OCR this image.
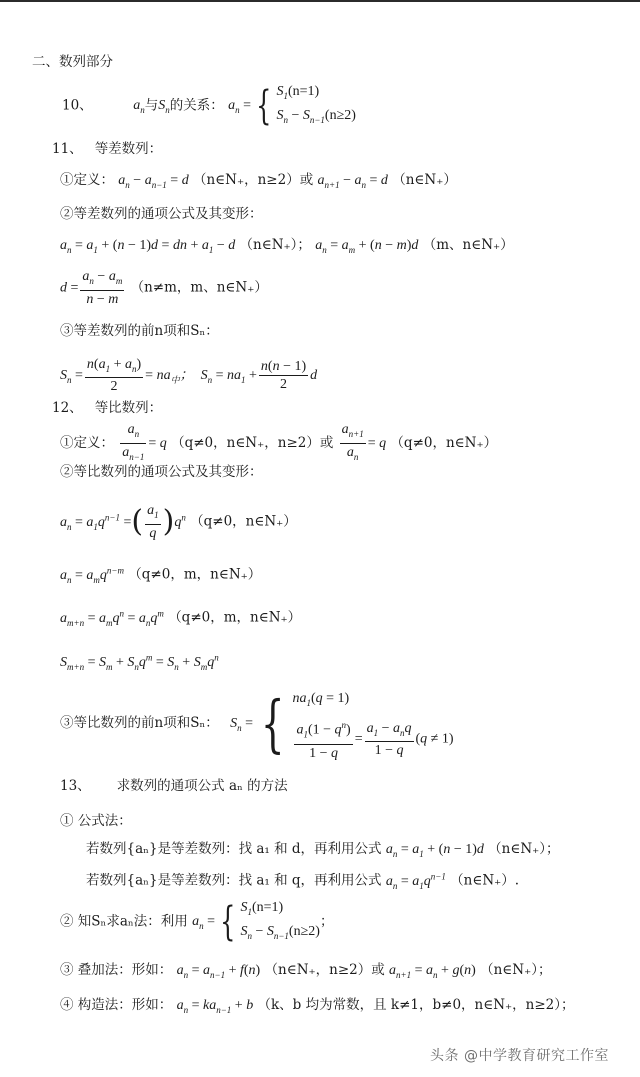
二、数列部分
10、	$a_n$与$S_n$的关系： $a_n$ = { $S_1(n=1)$
$S_n - S_{n-1}(n\ge 2)$
11、 等差数列：
①定义： $a_n - a_{n-1} = d$ （n∈N₊，n≥2）或 $a_{n+1} - a_n = d$ （n∈N₊）
②等差数列的通项公式及其变形：
$a_n = a_1 + (n - 1)d$ = dn + $a_1 - d$ （n∈N₊）； $a_n = a_m + (n - m)d$ （m、n∈N₊）
$d = \frac{a_n - a_m}{n - m} (n\ne m$，m、n∈N₊）
③等差数列的前n项和Sₙ：
$S_n = \frac{n(a_1 + a_n)}{2} = na_中$；  $S_n = na_1 + \frac{n(n - 1)}{2}$ d
12、 等比数列：
①定义： $\frac{a_n}{a_{n-1}} = q$ （q≠0，n∈N₊，n≥2）或 $\frac{a_{n+1}}{a_n} = q$ （q≠0，n∈N₊）
②等比数列的通项公式及其变形：
$a_n = a_1q^{n-1}$ =( $\frac{a_1}{q} )q^n$ （q≠0，n∈N₊）
$a_n = a_mq^{n-m}$ （q≠0，m，n∈N₊）
$a_{m+n} = a_mq^n = a_nq^m$ （q≠0，m，n∈N₊）
$S_{m+n} = S_m + S_nq^m = S_n + S_mq^n$
③等比数列的前n项和Sₙ：   $S_n$ = { $na_1(q = 1)$
$\frac{a_1(1 - q^n)}{1 - q} = \frac{a_1 - a_nq}{1 - q} (q \ne 1)$
13、 求数列的通项公式 aₙ 的方法
① 公式法：
若数列{aₙ}是等差数列：找 a₁ 和 d，再利用公式 $a_n = a_1 + (n - 1)d$ （n∈N₊）；
若数列{aₙ}是等差数列：找 a₁ 和 q，再利用公式 $a_n = a_1q^{n-1}$ （n∈N₊）.
② 知Sₙ求aₙ法：利用 $a_n$ = { $S_1(n=1)$
$S_n - S_{n-1}(n\ge 2)$
；
③ 叠加法：形如： $a_n = a_{n-1} + f(n)$ （n∈N₊，n≥2）或 $a_{n+1} = a_n + g(n)$ （n∈N₊）；
④ 构造法：形如： $a_n = ka_{n-1} + b$ （k、b 均为常数，且 k≠1，b≠0，n∈N₊，n≥2）；
头条 @中学教育研究工作室
